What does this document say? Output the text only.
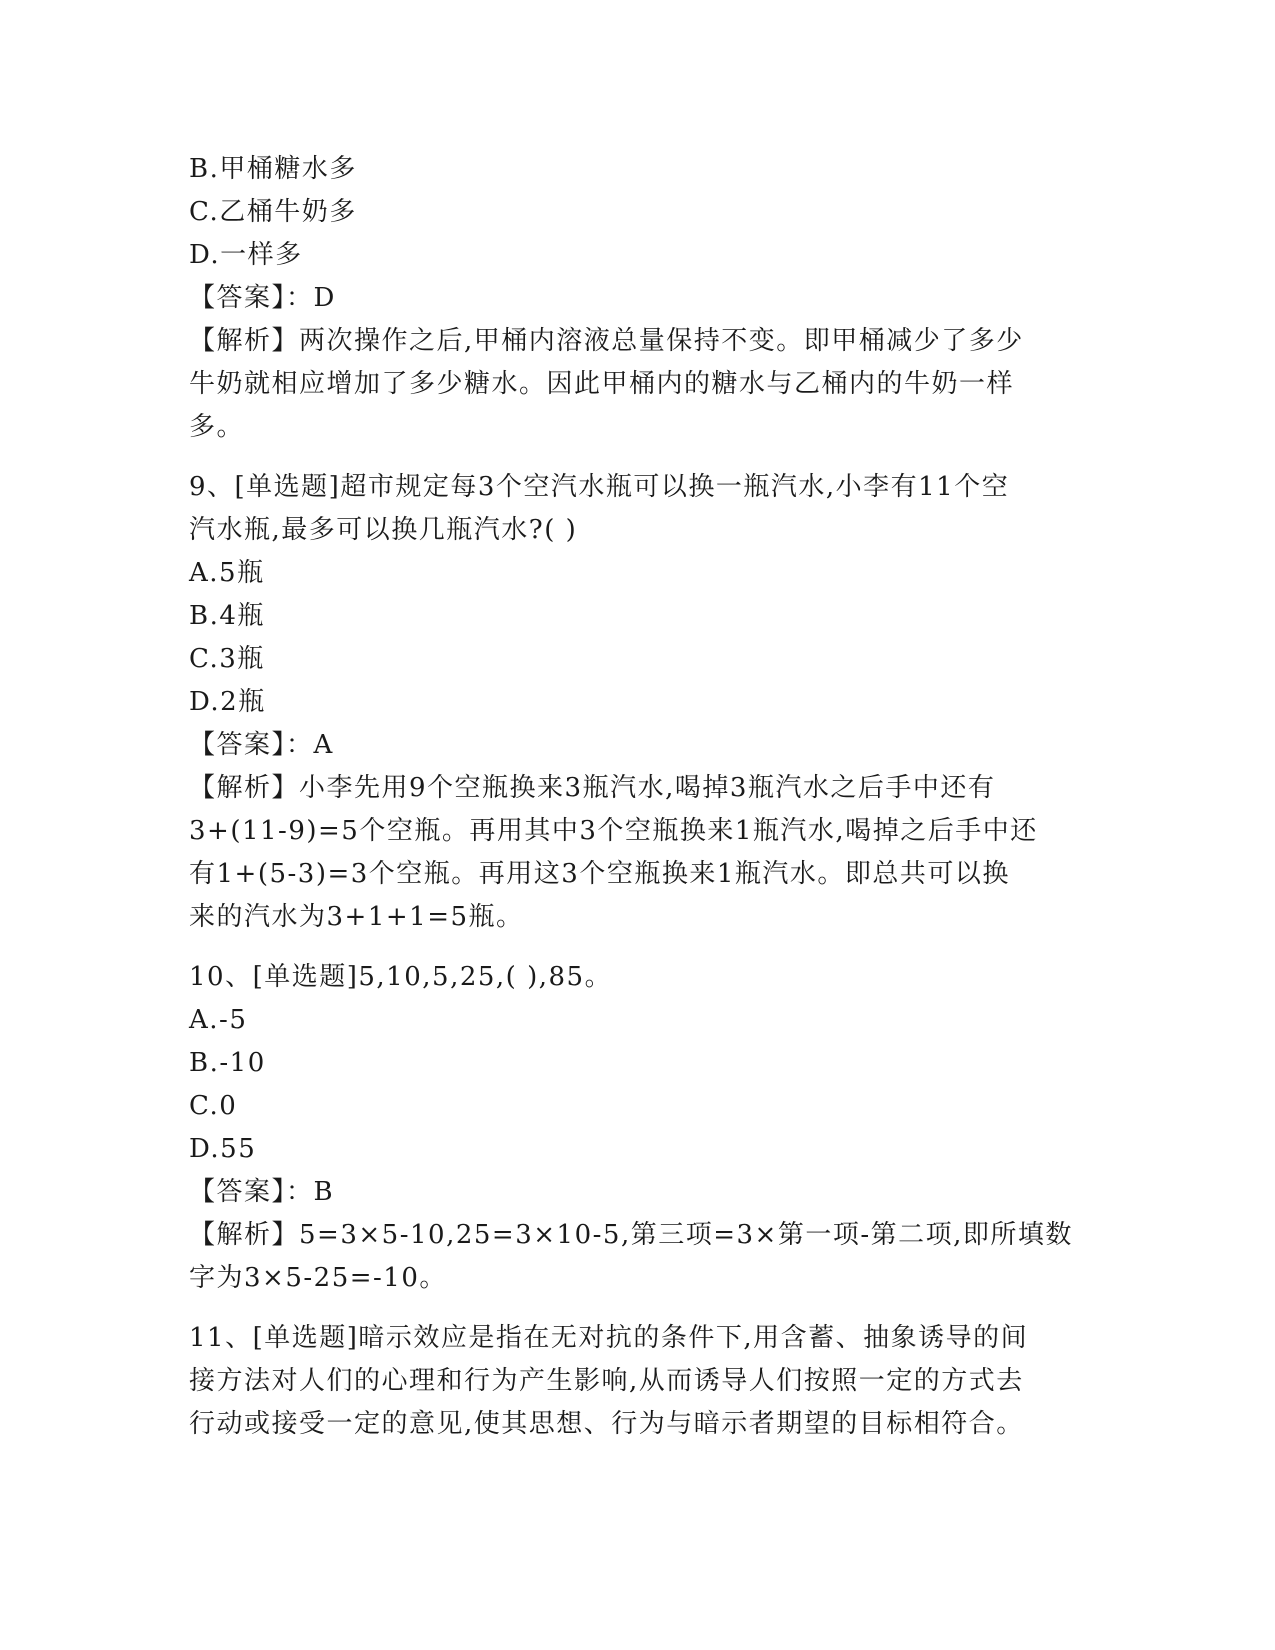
B.甲桶糖水多
C.乙桶牛奶多
D.一样多
【答案】：D
【解析】两次操作之后,甲桶内溶液总量保持不变。即甲桶减少了多少
牛奶就相应增加了多少糖水。因此甲桶内的糖水与乙桶内的牛奶一样
多。
9、[单选题]超市规定每3个空汽水瓶可以换一瓶汽水,小李有11个空
汽水瓶,最多可以换几瓶汽水?( )
A.5瓶
B.4瓶
C.3瓶
D.2瓶
【答案】：A
【解析】小李先用9个空瓶换来3瓶汽水,喝掉3瓶汽水之后手中还有
3+(11-9)=5个空瓶。再用其中3个空瓶换来1瓶汽水,喝掉之后手中还
有1+(5-3)=3个空瓶。再用这3个空瓶换来1瓶汽水。即总共可以换
来的汽水为3+1+1=5瓶。
10、[单选题]5,10,5,25,( ),85。
A.-5
B.-10
C.0
D.55
【答案】：B
【解析】5=3×5-10,25=3×10-5,第三项=3×第一项-第二项,即所填数
字为3×5-25=-10。
11、[单选题]暗示效应是指在无对抗的条件下,用含蓄、抽象诱导的间
接方法对人们的心理和行为产生影响,从而诱导人们按照一定的方式去
行动或接受一定的意见,使其思想、行为与暗示者期望的目标相符合。
